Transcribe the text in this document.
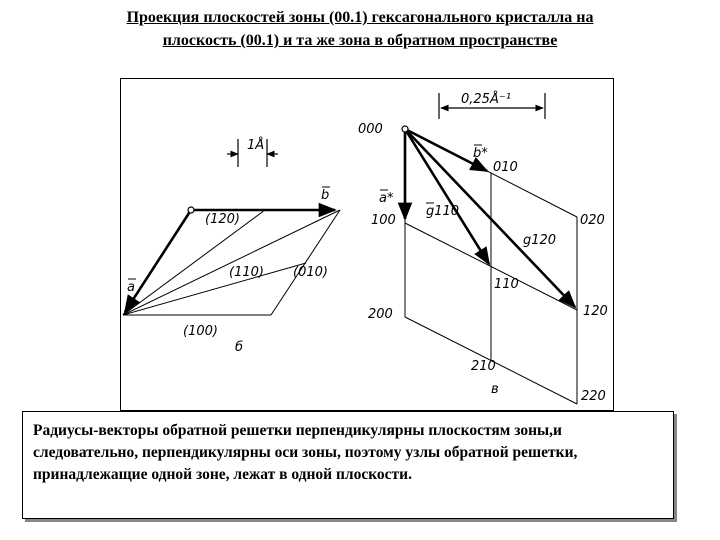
Проекция плоскостей зоны (00.1) гексагонального кристалла на
плоскость (00.1) и та же зона в обратном пространстве
1Å
a
b
(120)
(110) (010)
(100)
б
0,25Å⁻¹
a*
b*
g110
g120
000
010
020
100
110
120
200
210
220
в
Радиусы-векторы обратной решетки перпендикулярны плоскостям зоны,и следовательно, перпендикулярны оси зоны, поэтому узлы обратной решетки, принадлежащие одной зоне, лежат в одной плоскости.
